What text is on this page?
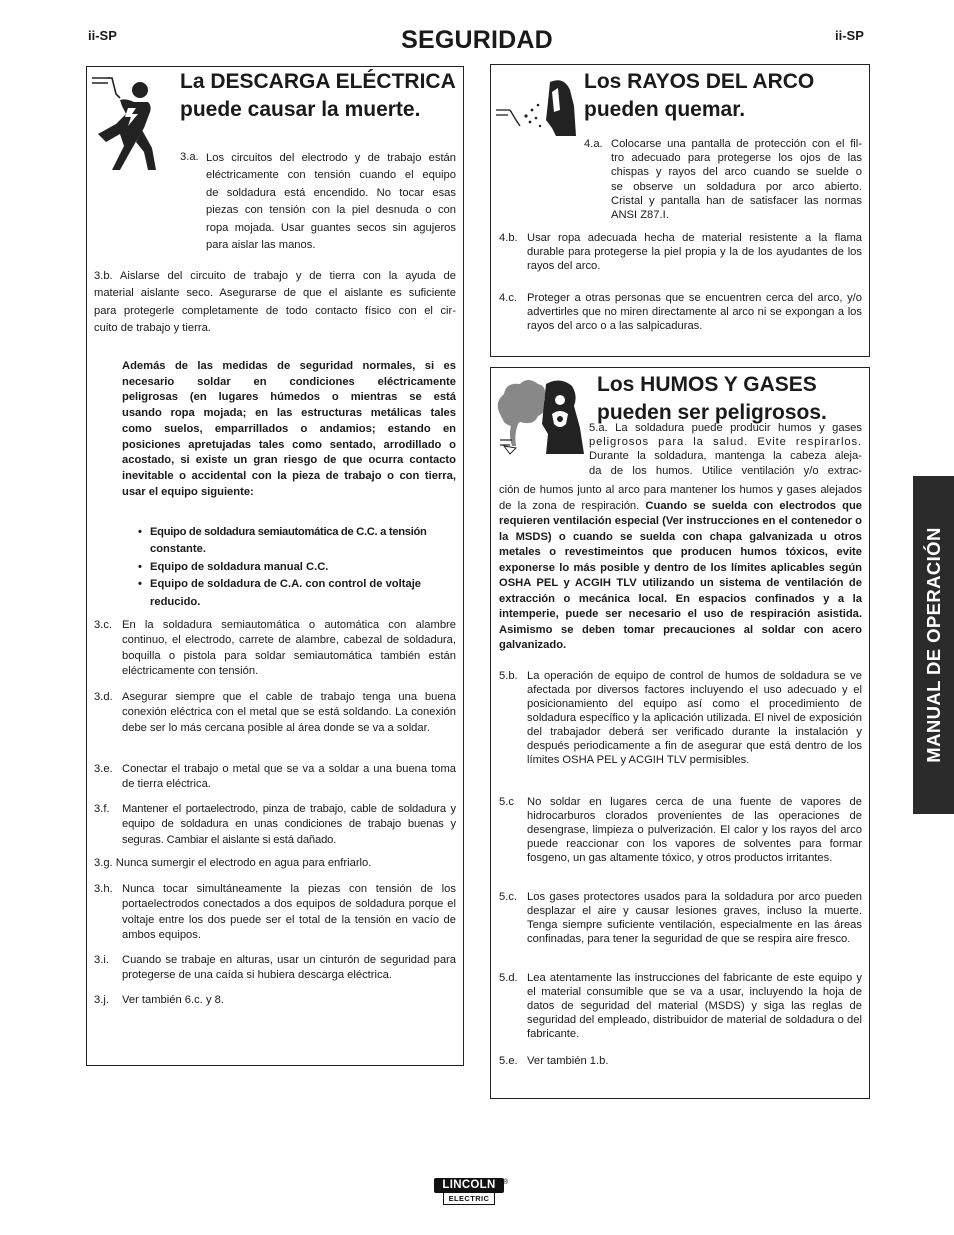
ii-SP	ii-SP
SEGURIDAD
La DESCARGA ELÉCTRICA
puede causar la muerte.
3.a. Los circuitos del electrodo y de trabajo están
eléctricamente con tensión cuando el equipo
de soldadura está encendido. No tocar esas
piezas con tensión con la piel desnuda o con
ropa mojada. Usar guantes secos sin agujeros
para aislar las manos.
3.b. Aislarse del circuito de trabajo y de tierra con la ayuda de
material aislante seco. Asegurarse de que el aislante es suficiente
para protegerle completamente de todo contacto físico con el cir-
cuito de trabajo y tierra.
Además de las medidas de seguridad normales, si es
necesario soldar en condiciones eléctricamente
peligrosas (en lugares húmedos o mientras se está
usando ropa mojada; en las estructuras metálicas tales
como suelos, emparrillados o andamios; estando en
posiciones apretujadas tales como sentado, arrodillado o
acostado, si existe un gran riesgo de que ocurra contacto
inevitable o accidental con la pieza de trabajo o con tierra,
usar el equipo siguiente:
• Equipo de soldadura semiautomática de C.C. a tensión
constante.
• Equipo de soldadura manual C.C.
• Equipo de soldadura de C.A. con control de voltaje
reducido.
3.c. En la soldadura semiautomática o automática con alambre continuo, el electrodo, carrete de alambre, cabezal de soldadura, boquilla o pistola para soldar semiautomática también están eléctricamente con tensión.
3.d. Asegurar siempre que el cable de trabajo tenga una buena conexión eléctrica con el metal que se está soldando. La conexión debe ser lo más cercana posible al área donde se va a soldar.
3.e. Conectar el trabajo o metal que se va a soldar a una buena toma de tierra eléctrica.
3.f. Mantener el portaelectrodo, pinza de trabajo, cable de soldadura y equipo de soldadura en unas condiciones de trabajo buenas y seguras. Cambiar el aislante si está dañado.
3.g. Nunca sumergir el electrodo en agua para enfriarlo.
3.h. Nunca tocar simultáneamente la piezas con tensión de los portaelectrodos conectados a dos equipos de soldadura porque el voltaje entre los dos puede ser el total de la tensión en vacío de ambos equipos.
3.i. Cuando se trabaje en alturas, usar un cinturón de seguridad para protegerse de una caída si hubiera descarga eléctrica.
3.j. Ver también 6.c. y 8.
Los RAYOS DEL ARCO
pueden quemar.
4.a. Colocarse una pantalla de protección con el fil-
tro adecuado para protegerse los ojos de las
chispas y rayos del arco cuando se suelde o
se observe un soldadura por arco abierto.
Cristal y pantalla han de satisfacer las normas
ANSI Z87.I.
4.b. Usar ropa adecuada hecha de material resistente a la flama durable para protegerse la piel propia y la de los ayudantes de los rayos del arco.
4.c. Proteger a otras personas que se encuentren cerca del arco, y/o advertirles que no miren directamente al arco ni se expongan a los rayos del arco o a las salpicaduras.
Los HUMOS Y GASES
pueden ser peligrosos.
5.a. La soldadura puede producir humos y gases
peligrosos para la salud. Evite respirarlos.
Durante la soldadura, mantenga la cabeza aleja-
da de los humos. Utilice ventilación y/o extrac-
ción de humos junto al arco para mantener los humos y gases alejados de la zona de respiración. Cuando se suelda con electrodos que requieren ventilación especial (Ver instrucciones en el contenedor o la MSDS) o cuando se suelda con chapa galvanizada u otros metales o revestimeintos que producen humos tóxicos, evite exponerse lo más posible y dentro de los límites aplicables según OSHA PEL y ACGIH TLV utilizando un sistema de ventilación de extracción o mecánica local. En espacios confinados y a la intemperie, puede ser necesario el uso de respiración asistida. Asimismo se deben tomar precauciones al soldar con acero galvanizado.
5.b. La operación de equipo de control de humos de soldadura se ve afectada por diversos factores incluyendo el uso adecuado y el posicionamiento del equipo así como el procedimiento de soldadura específico y la aplicación utilizada. El nivel de exposición del trabajador deberá ser verificado durante la instalación y después periodicamente a fin de asegurar que está dentro de los límites OSHA PEL y ACGIH TLV permisibles.
5.c No soldar en lugares cerca de una fuente de vapores de hidrocarburos clorados provenientes de las operaciones de desengrase, limpieza o pulverización. El calor y los rayos del arco puede reaccionar con los vapores de solventes para formar fosgeno, un gas altamente tóxico, y otros productos irritantes.
5.c. Los gases protectores usados para la soldadura por arco pueden desplazar el aire y causar lesiones graves, incluso la muerte. Tenga siempre suficiente ventilación, especialmente en las áreas confinadas, para tener la seguridad de que se respira aire fresco.
5.d. Lea atentamente las instrucciones del fabricante de este equipo y el material consumible que se va a usar, incluyendo la hoja de datos de seguridad del material (MSDS) y siga las reglas de seguridad del empleado, distribuidor de material de soldadura o del fabricante.
5.e. Ver también 1.b.
MANUAL DE OPERACIÓN
LINCOLN	®
ELECTRIC
